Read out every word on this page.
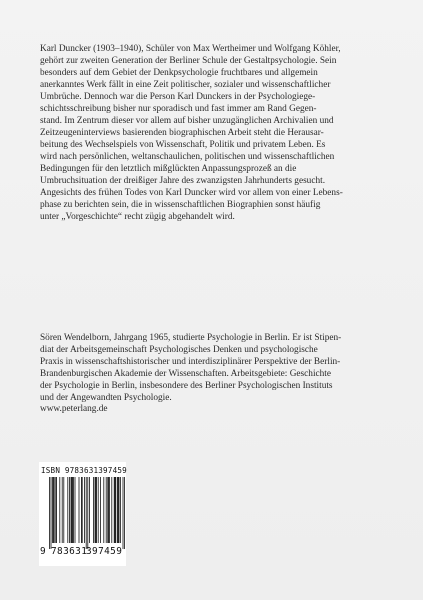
Karl Duncker (1903–1940), Schüler von Max Wertheimer und Wolfgang Köhler,

gehört zur zweiten Generation der Berliner Schule der Gestaltpsychologie. Sein

besonders auf dem Gebiet der Denkpsychologie fruchtbares und allgemein

anerkanntes Werk fällt in eine Zeit politischer, sozialer und wissenschaftlicher

Umbrüche. Dennoch war die Person Karl Dunckers in der Psychologiege-

schichtsschreibung bisher nur sporadisch und fast immer am Rand Gegen-

stand. Im Zentrum dieser vor allem auf bisher unzugänglichen Archivalien und

Zeitzeugeninterviews basierenden biographischen Arbeit steht die Herausar-

beitung des Wechselspiels von Wissenschaft, Politik und privatem Leben. Es

wird nach persönlichen, weltanschaulichen, politischen und wissenschaftlichen

Bedingungen für den letztlich mißglückten Anpassungsprozeß an die

Umbruchsituation der dreißiger Jahre des zwanzigsten Jahrhunderts gesucht.

Angesichts des frühen Todes von Karl Duncker wird vor allem von einer Lebens-

phase zu berichten sein, die in wissenschaftlichen Biographien sonst häufig

unter „Vorgeschichte“ recht zügig abgehandelt wird.

Sören Wendelborn, Jahrgang 1965, studierte Psychologie in Berlin. Er ist Stipen-

diat der Arbeitsgemeinschaft Psychologisches Denken und psychologische

Praxis in wissenschaftshistorischer und interdisziplinärer Perspektive der Berlin-

Brandenburgischen Akademie der Wissenschaften. Arbeitsgebiete: Geschichte

der Psychologie in Berlin, insbesondere des Berliner Psychologischen Instituts

und der Angewandten Psychologie.

www.peterlang.de
ISBN 9783631397459
9 783631
397459
